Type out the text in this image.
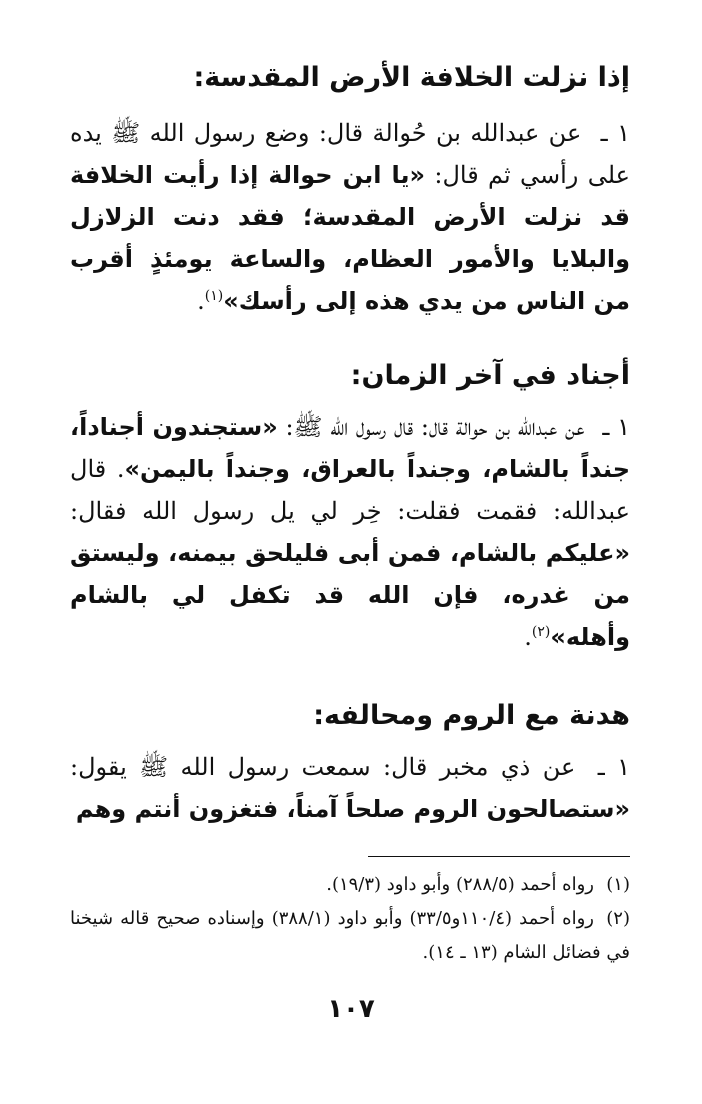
إذا نزلت الخلافة الأرض المقدسة:

١ ـ عن عبدالله بن حُوالة قال: وضع رسول الله ﷺ يده على رأسي ثم قال: «يا ابن حوالة إذا رأيت الخلافة قد نزلت الأرض المقدسة؛ فقد دنت الزلازل والبلايا والأمور العظام، والساعة يومئذٍ أقرب من الناس من يدي هذه إلى رأسك»$^{(١)}$.

أجناد في آخر الزمان:

١ ـ عن عبدالله بن حوالة قال: قال رسول الله ﷺ: «ستجندون أجناداً، جنداً بالشام، وجنداً بالعراق، وجنداً باليمن». قال عبدالله: فقمت فقلت: خِر لي يل رسول الله فقال: «عليكم بالشام، فمن أبى فليلحق بيمنه، وليستق من غدره، فإن الله قد تكفل لي بالشام وأهله»$^{(٢)}$.

هدنة مع الروم ومحالفه:

١ ـ عن ذي مخبر قال: سمعت رسول الله ﷺ يقول: «ستصالحون الروم صلحاً آمناً، فتغزون أنتم وهم

(١)رواه أحمد (٢٨٨/٥) وأبو داود (١٩/٣).

(٢)رواه أحمد (١١٠/٤و٣٣/٥) وأبو داود (٣٨٨/١) وإسناده صحيح قاله شيخنا في فضائل الشام (١٣ ـ ١٤).

١٠٧
